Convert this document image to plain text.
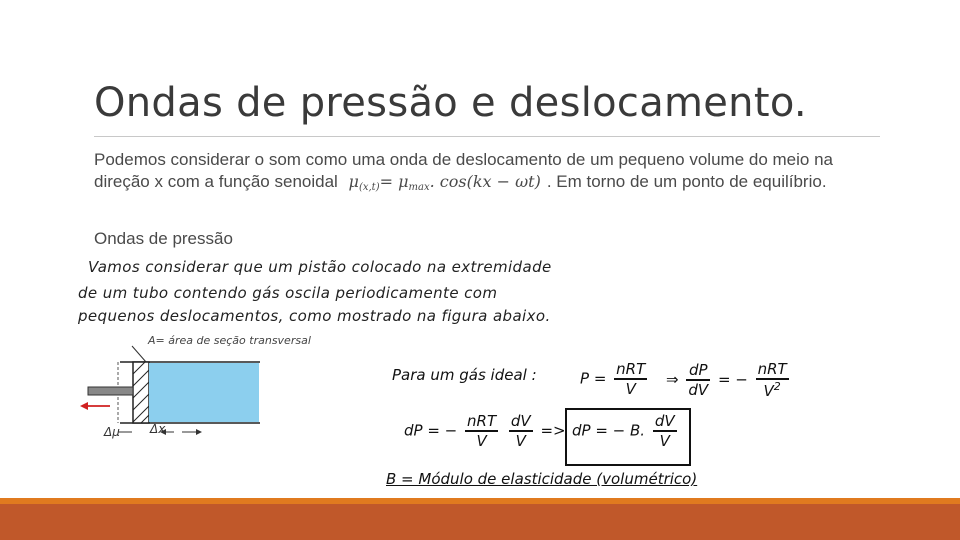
Ondas de pressão e deslocamento.
Podemos considerar o som como uma onda de deslocamento de um pequeno volume do meio na direção x com a função senoidal μ(x,t)= μmax. cos(kx − ωt) . Em torno de um ponto de equilíbrio.
Ondas de pressão
Vamos considerar que um pistão colocado na extremidade
de um tubo contendo gás oscila periodicamente com
pequenos deslocamentos, como mostrado na figura abaixo.
A= área de seção transversal
Δμ	Δx
Para um gás ideal :	$P = \frac{\text{nRT}}{V}$ ⇒ $\frac{dP}{dV}$ = − $\frac{\text{nRT}}{V^2}$
dP = − $\frac{\text{nRT}}{V}$
$\frac{dV}{V}$ => dP = − B. $\frac{dV}{V}$
B = Módulo de elasticidade (volumétrico)
